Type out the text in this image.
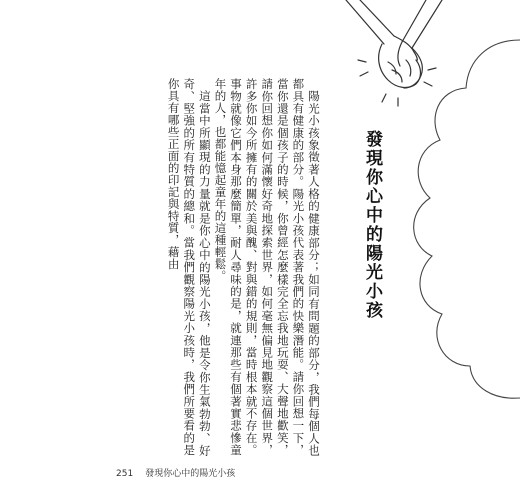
發現你心中的陽光小孩

陽光小孩象徵著人格的健康部分；如同有問題的部分，我們每個人也都具有健康的部分。陽光小孩代表著我們的快樂潛能。請你回想一下，當你還是個孩子的時候，你曾經怎麼樣完全忘我地玩耍、大聲地歡笑，請你回想你如何滿懷好奇地探索世界，如何毫無偏見地觀察這個世界，許多你如今所擁有的關於美與醜、對與錯的規則，當時根本就不存在。事物就像它們本身那麼簡單，耐人尋味的是，就連那些有個著實悲慘童年的人，也都能憶起童年的這種輕鬆。

這當中所顯現的力量就是你心中的陽光小孩，他是令你生氣勃勃、好奇、堅強的所有特質的總和。當我們觀察陽光小孩時，我們所要看的是你具有哪些正面的印記與特質，藉由

251 發現你心中的陽光小孩
